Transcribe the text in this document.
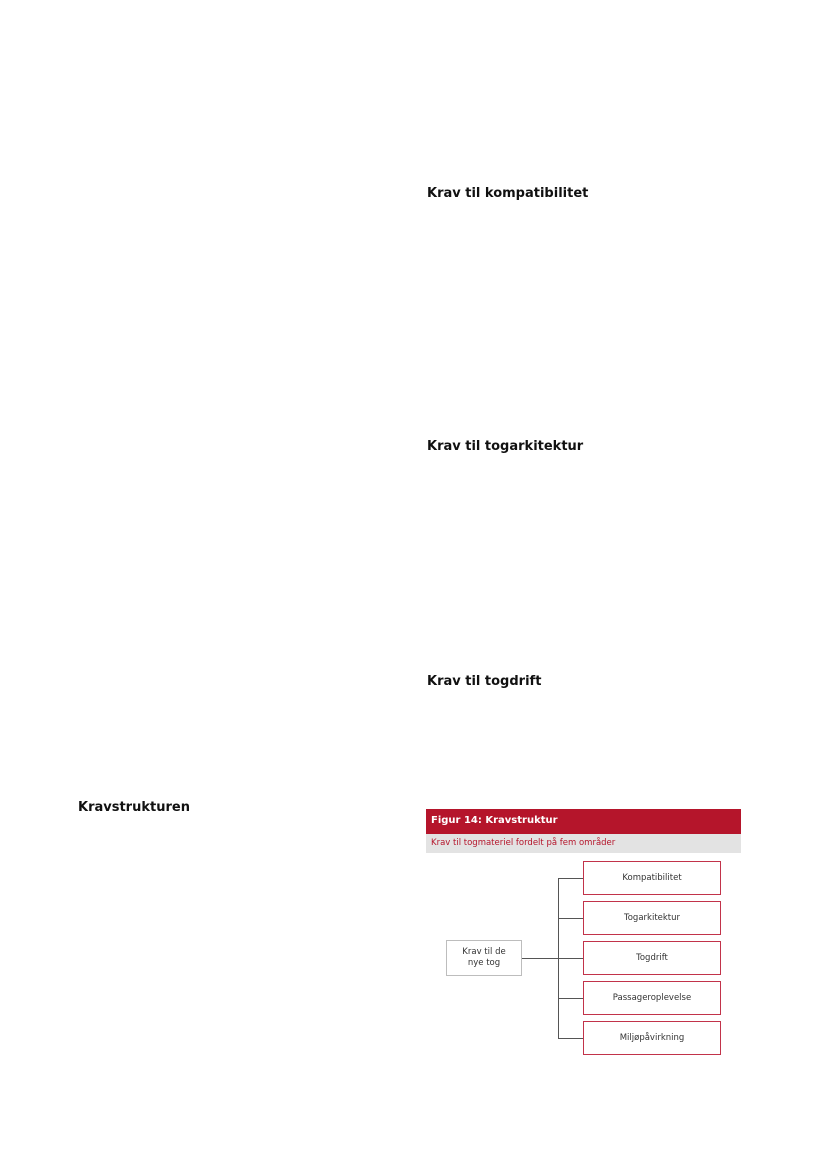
Krav til kompatibilitet
Krav til togarkitektur
Krav til togdrift
Kravstrukturen
Figur 14: Kravstruktur
Krav til togmateriel fordelt på fem områder
Krav til de nye tog
Kompatibilitet
Togarkitektur
Togdrift
Passageroplevelse
Miljøpåvirkning
